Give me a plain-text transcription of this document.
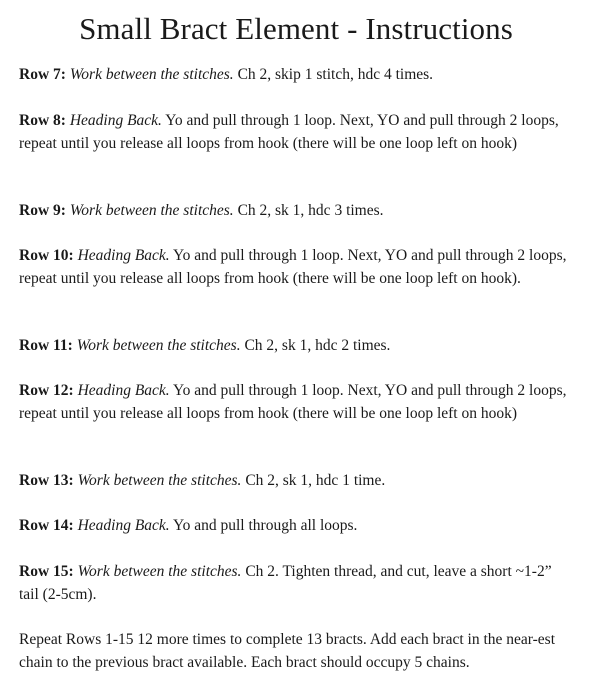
Small Bract Element - Instructions

Row 7: Work between the stitches. Ch 2, skip 1 stitch, hdc 4 times.

Row 8: Heading Back. Yo and pull through 1 loop. Next, YO and pull through 2 loops, repeat until you release all loops from hook (there will be one loop left on hook)

Row 9: Work between the stitches. Ch 2, sk 1, hdc 3 times.

Row 10: Heading Back. Yo and pull through 1 loop. Next, YO and pull through 2 loops, repeat until you release all loops from hook (there will be one loop left on hook).

Row 11: Work between the stitches. Ch 2, sk 1, hdc 2 times.

Row 12: Heading Back. Yo and pull through 1 loop. Next, YO and pull through 2 loops, repeat until you release all loops from hook (there will be one loop left on hook)

Row 13: Work between the stitches. Ch 2, sk 1, hdc 1 time.

Row 14: Heading Back. Yo and pull through all loops.

Row 15: Work between the stitches. Ch 2. Tighten thread, and cut, leave a short ~1-2” tail (2-5cm).

Repeat Rows 1-15 12 more times to complete 13 bracts. Add each bract in the near-est chain to the previous bract available. Each bract should occupy 5 chains.
